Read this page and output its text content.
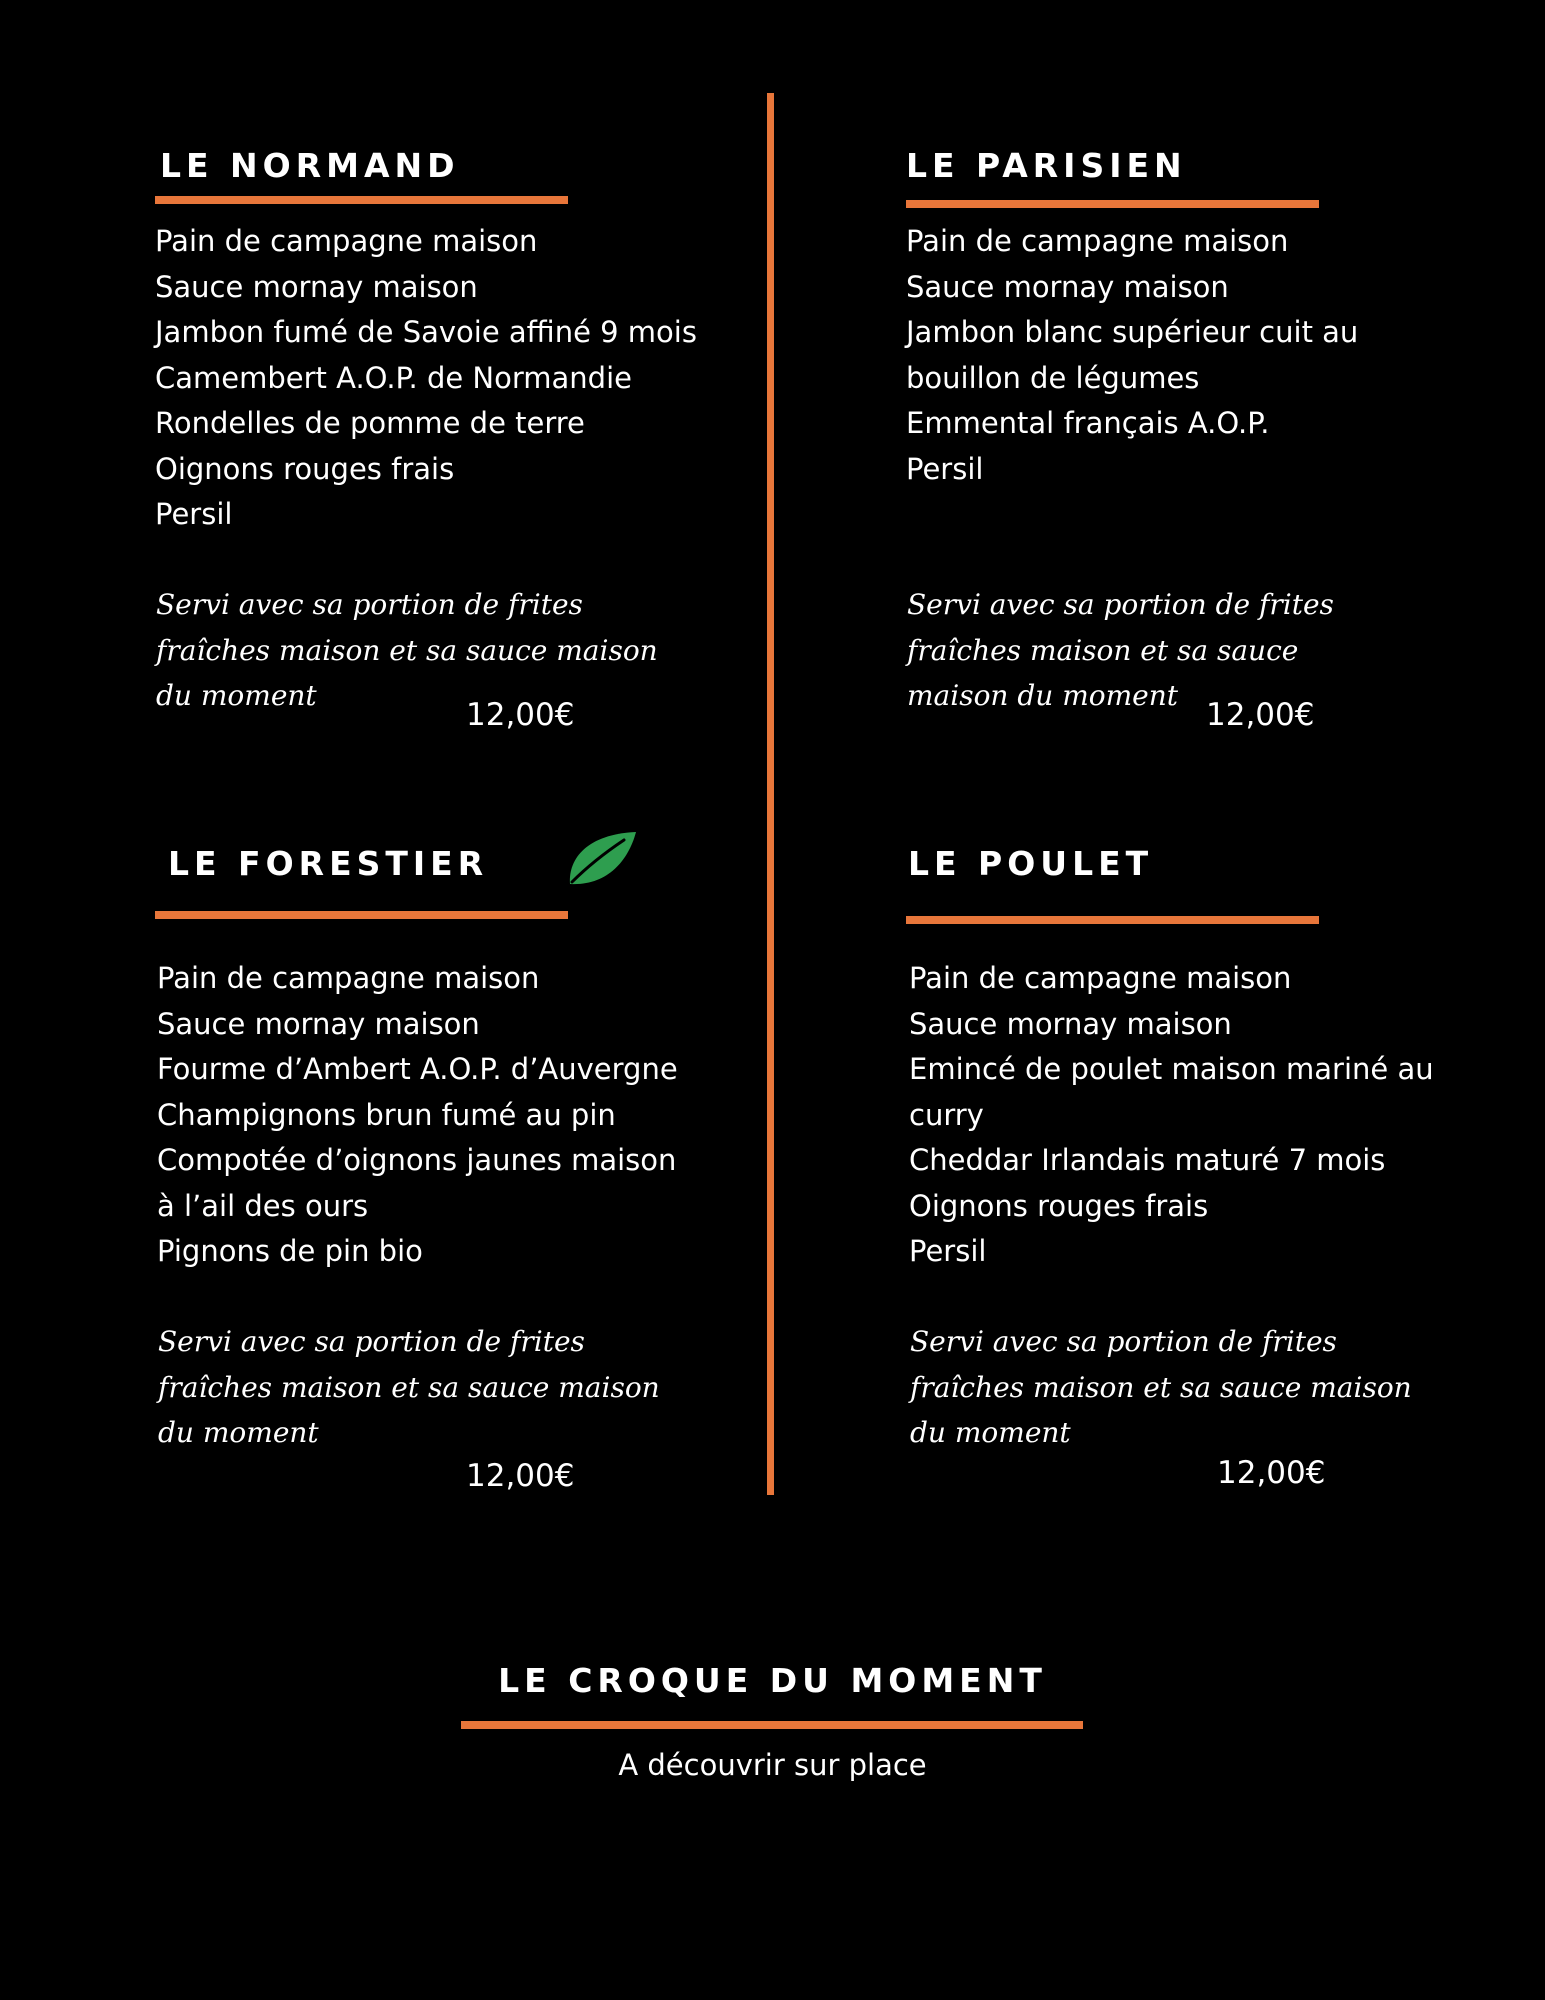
LE NORMAND
Pain de campagne maison
Sauce mornay maison
Jambon fumé de Savoie affiné 9 mois
Camembert A.O.P. de Normandie
Rondelles de pomme de terre
Oignons rouges frais
Persil
Servi avec sa portion de frites
fraîches maison et sa sauce maison
du moment
12,00€
LE PARISIEN
Pain de campagne maison
Sauce mornay maison
Jambon blanc supérieur cuit au
bouillon de légumes
Emmental français A.O.P.
Persil
Servi avec sa portion de frites
fraîches maison et sa sauce
maison du moment
12,00€
LE FORESTIER
Pain de campagne maison
Sauce mornay maison
Fourme d’Ambert A.O.P. d’Auvergne
Champignons brun fumé au pin
Compotée d’oignons jaunes maison
à l’ail des ours
Pignons de pin bio
Servi avec sa portion de frites
fraîches maison et sa sauce maison
du moment
12,00€
LE POULET
Pain de campagne maison
Sauce mornay maison
Emincé de poulet maison mariné au
curry
Cheddar Irlandais maturé 7 mois
Oignons rouges frais
Persil
Servi avec sa portion de frites
fraîches maison et sa sauce maison
du moment
12,00€
LE CROQUE DU MOMENT
A découvrir sur place
